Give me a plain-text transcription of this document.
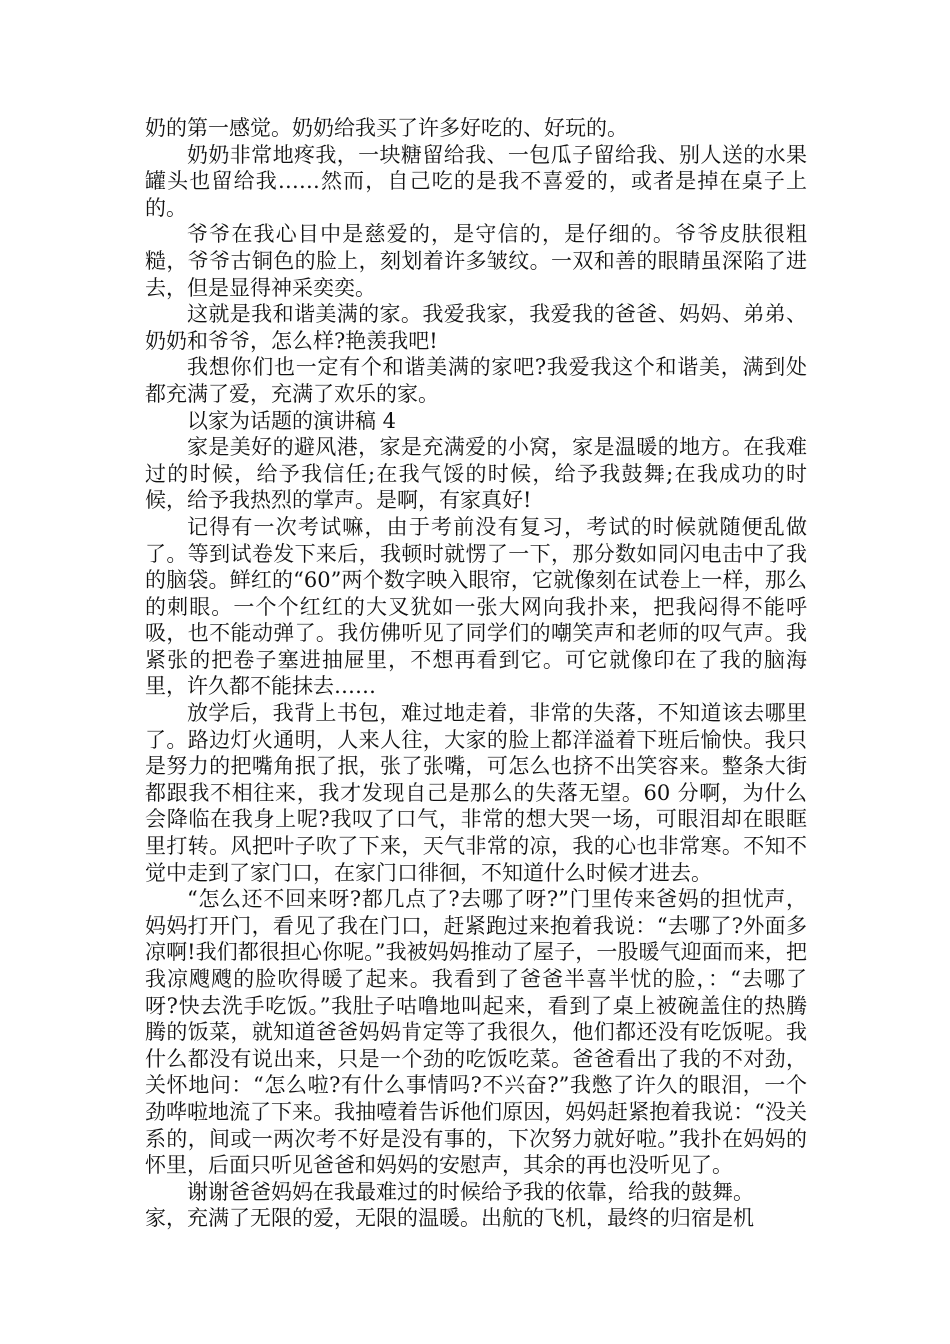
奶的第一感觉。奶奶给我买了许多好吃的、好玩的。

奶奶非常地疼我，一块糖留给我、一包瓜子留给我、别人送的水果罐头也留给我……然而，自己吃的是我不喜爱的，或者是掉在桌子上的。

爷爷在我心目中是慈爱的，是守信的，是仔细的。爷爷皮肤很粗糙，爷爷古铜色的脸上，刻划着许多皱纹。一双和善的眼睛虽深陷了进去，但是显得神采奕奕。

这就是我和谐美满的家。我爱我家，我爱我的爸爸、妈妈、弟弟、奶奶和爷爷，怎么样?艳羡我吧!

我想你们也一定有个和谐美满的家吧?我爱我这个和谐美，满到处都充满了爱，充满了欢乐的家。

以家为话题的演讲稿 4

家是美好的避风港，家是充满爱的小窝，家是温暖的地方。在我难过的时候，给予我信任;在我气馁的时候，给予我鼓舞;在我成功的时候，给予我热烈的掌声。是啊，有家真好!

记得有一次考试嘛，由于考前没有复习，考试的时候就随便乱做了。等到试卷发下来后，我顿时就愣了一下，那分数如同闪电击中了我的脑袋。鲜红的“60”两个数字映入眼帘，它就像刻在试卷上一样，那么的刺眼。一个个红红的大叉犹如一张大网向我扑来，把我闷得不能呼吸，也不能动弹了。我仿佛听见了同学们的嘲笑声和老师的叹气声。我紧张的把卷子塞进抽屉里，不想再看到它。可它就像印在了我的脑海里，许久都不能抹去……

放学后，我背上书包，难过地走着，非常的失落，不知道该去哪里了。路边灯火通明，人来人往，大家的脸上都洋溢着下班后愉快。我只是努力的把嘴角抿了抿，张了张嘴，可怎么也挤不出笑容来。整条大街都跟我不相往来，我才发现自己是那么的失落无望。60 分啊，为什么会降临在我身上呢?我叹了口气，非常的想大哭一场，可眼泪却在眼眶里打转。风把叶子吹了下来，天气非常的凉，我的心也非常寒。不知不觉中走到了家门口，在家门口徘徊，不知道什么时候才进去。

“怎么还不回来呀?都几点了?去哪了呀?”门里传来爸妈的担忧声，妈妈打开门，看见了我在门口，赶紧跑过来抱着我说：“去哪了?外面多凉啊!我们都很担心你呢。”我被妈妈推动了屋子，一股暖气迎面而来，把我凉飕飕的脸吹得暖了起来。我看到了爸爸半喜半忧的脸，：“去哪了呀?快去洗手吃饭。”我肚子咕噜地叫起来，看到了桌上被碗盖住的热腾腾的饭菜，就知道爸爸妈妈肯定等了我很久，他们都还没有吃饭呢。我什么都没有说出来，只是一个劲的吃饭吃菜。爸爸看出了我的不对劲，关怀地问：“怎么啦?有什么事情吗?不兴奋?”我憋了许久的眼泪，一个劲哗啦地流了下来。我抽噎着告诉他们原因，妈妈赶紧抱着我说：“没关系的，间或一两次考不好是没有事的，下次努力就好啦。”我扑在妈妈的怀里，后面只听见爸爸和妈妈的安慰声，其余的再也没听见了。

谢谢爸爸妈妈在我最难过的时候给予我的依靠，给我的鼓舞。

家，充满了无限的爱，无限的温暖。出航的飞机，最终的归宿是机
